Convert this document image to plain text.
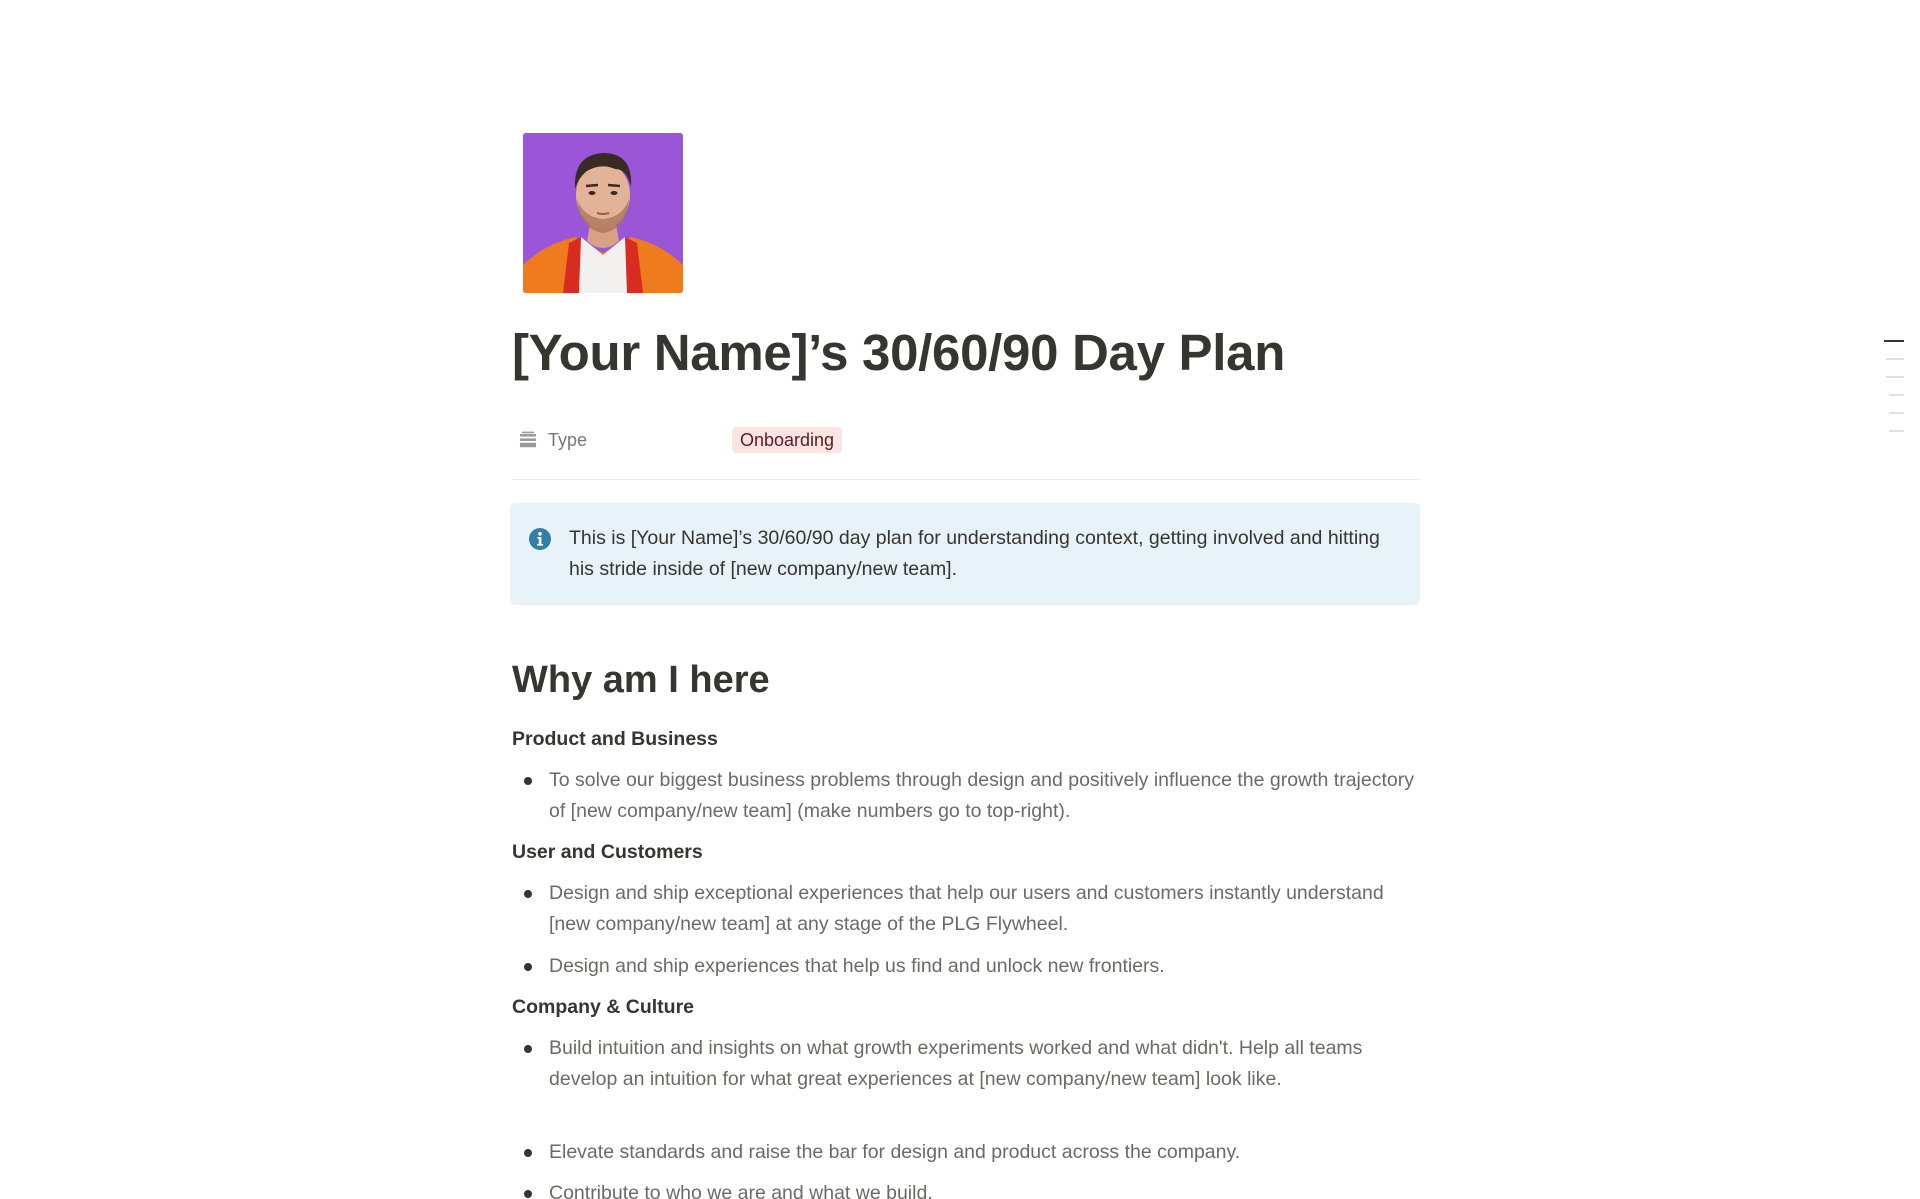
[Your Name]’s 30/60/90 Day Plan
Type	Onboarding
This is [Your Name]’s 30/60/90 day plan for understanding context, getting involved and hitting his stride inside of [new company/new team].
Why am I here
Product and Business
To solve our biggest business problems through design and positively influence the growth trajectory of [new company/new team] (make numbers go to top-right).
User and Customers
Design and ship exceptional experiences that help our users and customers instantly understand [new company/new team] at any stage of the PLG Flywheel.
Design and ship experiences that help us find and unlock new frontiers.
Company & Culture
Build intuition and insights on what growth experiments worked and what didn't. Help all teams develop an intuition for what great experiences at [new company/new team] look like.
Elevate standards and raise the bar for design and product across the company.
Contribute to who we are and what we build.
